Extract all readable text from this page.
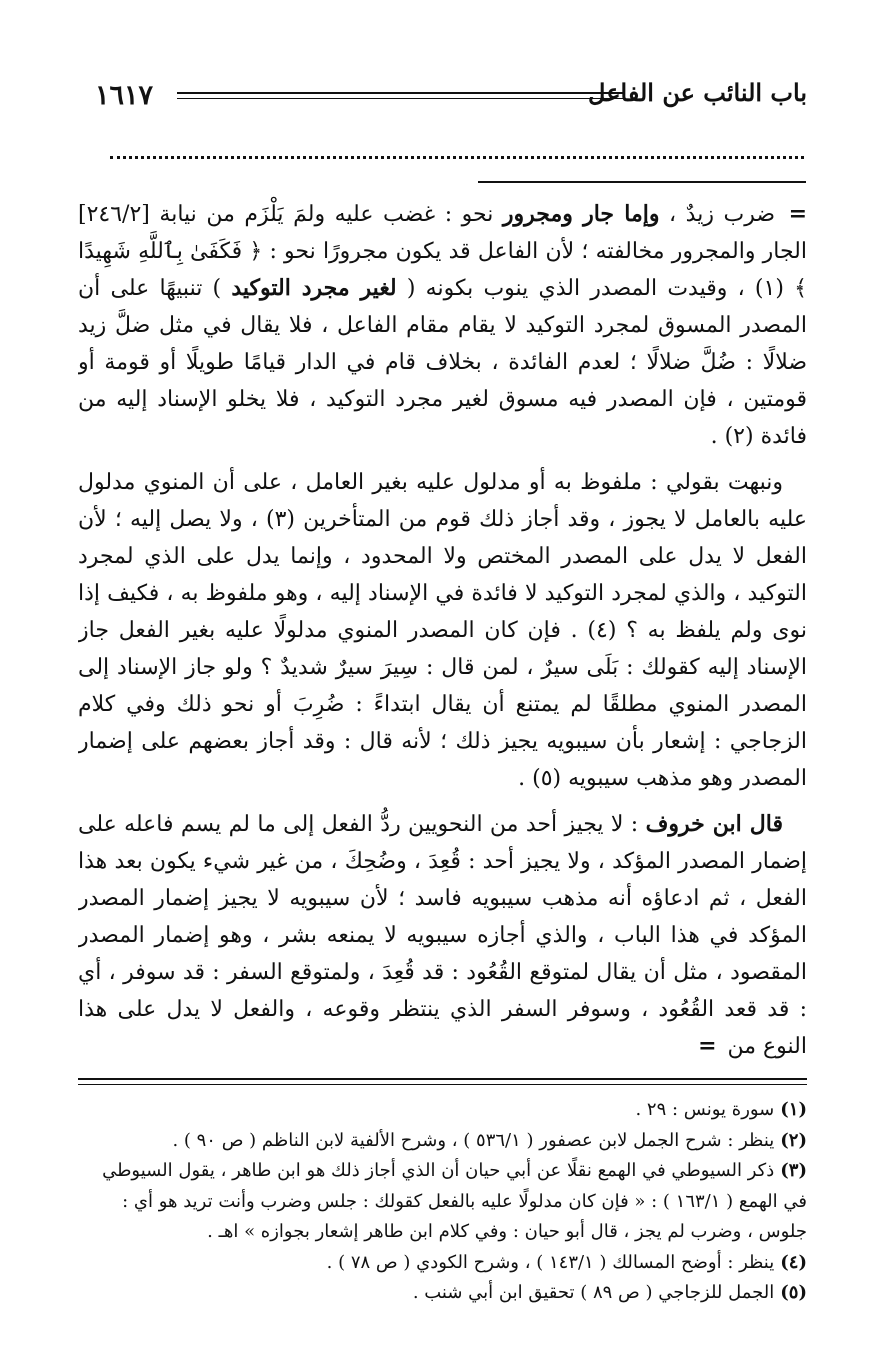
١٦١٧	باب النائب عن الفاعل

= ضرب زيدٌ ، وإما جار ومجرور نحو : غضب عليه ولمَ يَلْزَم من نيابة [٢٤٦/٢] الجار والمجرور مخالفته ؛ لأن الفاعل قد يكون مجرورًا نحو : ﴿ فَكَفَىٰ بِٱللَّهِ شَهِيدًا ﴾ (١) ، وقيدت المصدر الذي ينوب بكونه ( لغير مجرد التوكيد ) تنبيهًا على أن المصدر المسوق لمجرد التوكيد لا يقام مقام الفاعل ، فلا يقال في مثل ضلَّ زيد ضلالًا : ضُلَّ ضلالًا ؛ لعدم الفائدة ، بخلاف قام في الدار قيامًا طويلًا أو قومة أو قومتين ، فإن المصدر فيه مسوق لغير مجرد التوكيد ، فلا يخلو الإسناد إليه من فائدة (٢) .

ونبهت بقولي : ملفوظ به أو مدلول عليه بغير العامل ، على أن المنوي مدلول عليه بالعامل لا يجوز ، وقد أجاز ذلك قوم من المتأخرين (٣) ، ولا يصل إليه ؛ لأن الفعل لا يدل على المصدر المختص ولا المحدود ، وإنما يدل على الذي لمجرد التوكيد ، والذي لمجرد التوكيد لا فائدة في الإسناد إليه ، وهو ملفوظ به ، فكيف إذا نوى ولم يلفظ به ؟ (٤) . فإن كان المصدر المنوي مدلولًا عليه بغير الفعل جاز الإسناد إليه كقولك : بَلَى سيرٌ ، لمن قال : سِيرَ سيرٌ شديدٌ ؟ ولو جاز الإسناد إلى المصدر المنوي مطلقًا لم يمتنع أن يقال ابتداءً : ضُرِبَ أو نحو ذلك وفي كلام الزجاجي : إشعار بأن سيبويه يجيز ذلك ؛ لأنه قال : وقد أجاز بعضهم على إضمار المصدر وهو مذهب سيبويه (٥) .

قال ابن خروف : لا يجيز أحد من النحويين ردُّ الفعل إلى ما لم يسم فاعله على إضمار المصدر المؤكد ، ولا يجيز أحد : قُعِدَ ، وضُحِكَ ، من غير شيء يكون بعد هذا الفعل ، ثم ادعاؤه أنه مذهب سيبويه فاسد ؛ لأن سيبويه لا يجيز إضمار المصدر المؤكد في هذا الباب ، والذي أجازه سيبويه لا يمنعه بشر ، وهو إضمار المصدر المقصود ، مثل أن يقال لمتوقع القُعُود : قد قُعِدَ ، ولمتوقع السفر : قد سوفر ، أي : قد قعد القُعُود ، وسوفر السفر الذي ينتظر وقوعه ، والفعل لا يدل على هذا النوع من =

(١)سورة يونس : ٢٩ .

(٢)ينظر : شرح الجمل لابن عصفور ( ٥٣٦/١ ) ، وشرح الألفية لابن الناظم ( ص ٩٠ ) .

(٣)ذكر السيوطي في الهمع نقلًا عن أبي حيان أن الذي أجاز ذلك هو ابن طاهر ، يقول السيوطي في الهمع ( ١٦٣/١ ) : « فإن كان مدلولًا عليه بالفعل كقولك : جلس وضرب وأنت تريد هو أي : جلوس ، وضرب لم يجز ، قال أبو حيان : وفي كلام ابن طاهر إشعار بجوازه » اهـ .

(٤)ينظر : أوضح المسالك ( ١٤٣/١ ) ، وشرح الكودي ( ص ٧٨ ) .

(٥)الجمل للزجاجي ( ص ٨٩ ) تحقيق ابن أبي شنب .
